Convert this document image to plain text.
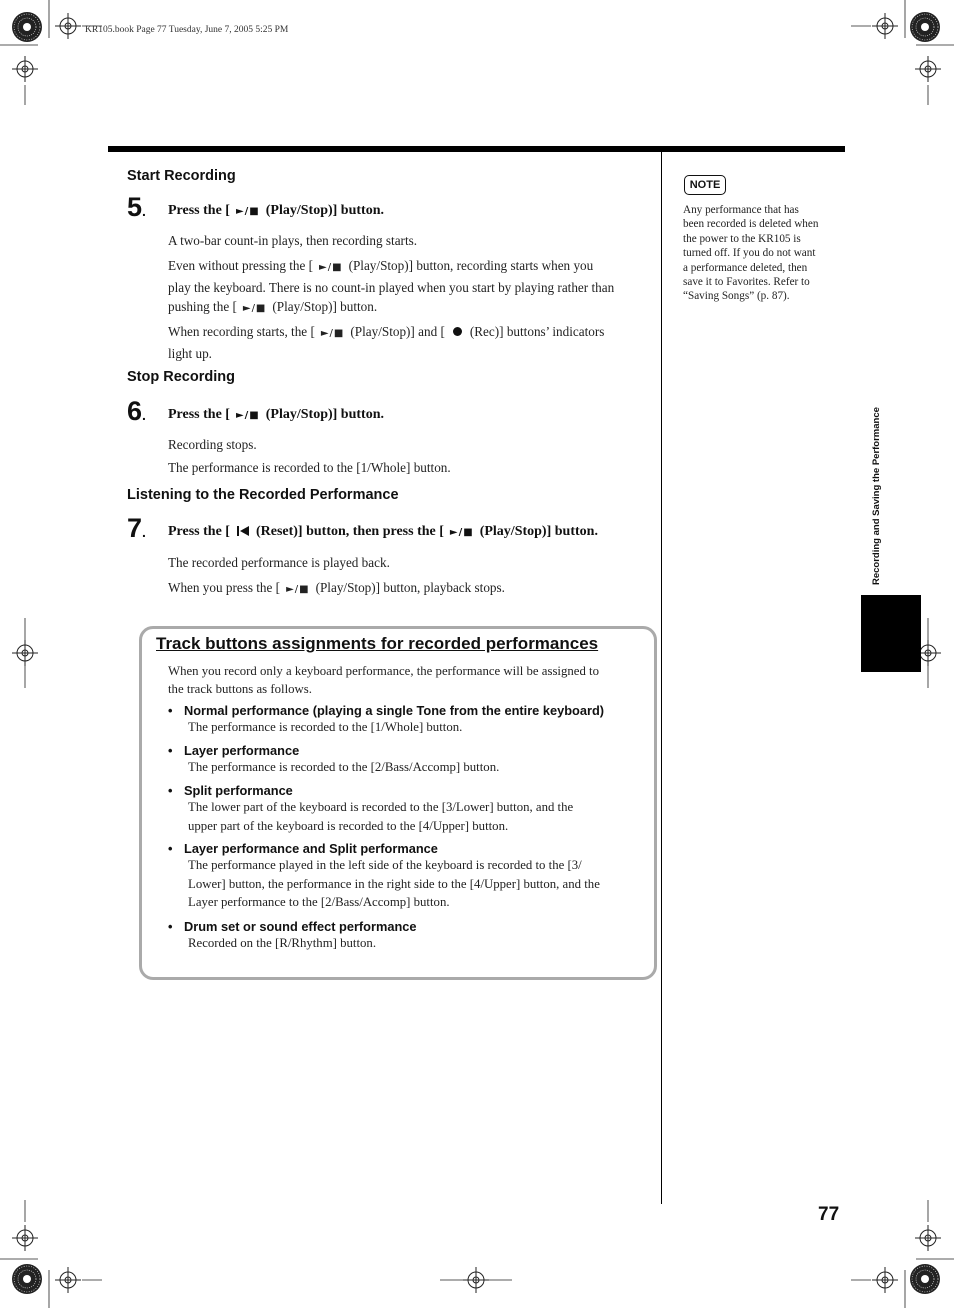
KR105.book Page 77 Tuesday, June 7, 2005 5:25 PM
Start Recording
5. Press the [ ►/■ (Play/Stop)] button.
A two-bar count-in plays, then recording starts.
Even without pressing the [ ►/■ (Play/Stop)] button, recording starts when you
play the keyboard. There is no count-in played when you start by playing rather than
pushing the [ ►/■ (Play/Stop)] button.
When recording starts, the [ ►/■ (Play/Stop)] and [ (Rec)] buttons’ indicators
light up.
Stop Recording
6. Press the [ ►/■ (Play/Stop)] button.
Recording stops.
The performance is recorded to the [1/Whole] button.
Listening to the Recorded Performance
7. Press the [ (Reset)] button, then press the [ ►/■ (Play/Stop)] button.
The recorded performance is played back.
When you press the [ ►/■ (Play/Stop)] button, playback stops.
Track buttons assignments for recorded performances
When you record only a keyboard performance, the performance will be assigned to
the track buttons as follows.
• Normal performance (playing a single Tone from the entire keyboard)
The performance is recorded to the [1/Whole] button.
• Layer performance
The performance is recorded to the [2/Bass/Accomp] button.
• Split performance
The lower part of the keyboard is recorded to the [3/Lower] button, and the
upper part of the keyboard is recorded to the [4/Upper] button.
• Layer performance and Split performance
The performance played in the left side of the keyboard is recorded to the [3/
Lower] button, the performance in the right side to the [4/Upper] button, and the
Layer performance to the [2/Bass/Accomp] button.
• Drum set or sound effect performance
Recorded on the [R/Rhythm] button.
NOTE
Any performance that has
been recorded is deleted when
the power to the KR105 is
turned off. If you do not want
a performance deleted, then
save it to Favorites. Refer to
“Saving Songs” (p. 87).
Recording and Saving the Performance
77
